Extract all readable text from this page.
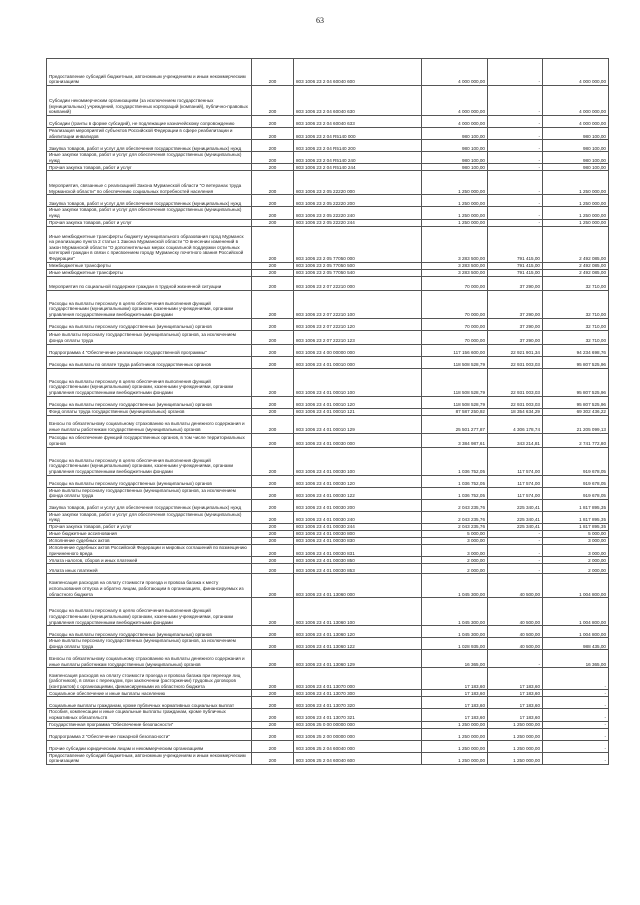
63
Предоставление субсидий бюджетным, автономным учреждениям и иным некоммерческим организациям	200	803 1006 23 2 04 60040 600	4 000 000,00	-	4 000 000,00
Субсидии некоммерческим организациям (за исключением государственных (муниципальных) учреждений, государственных корпораций (компаний), публично-правовых компаний)	200	803 1006 23 2 04 60040 630	4 000 000,00	-	4 000 000,00
Субсидии (гранты в форме субсидий), не подлежащие казначейскому сопровождению	200	803 1006 23 2 04 60040 633	4 000 000,00	-	4 000 000,00
Реализация мероприятий субъектов Российской Федерации в сфере реабилитации и абилитации инвалидов	200	803 1006 23 2 04 R5140 000	980 100,00	-	980 100,00
Закупка товаров, работ и услуг для обеспечения государственных (муниципальных) нужд	200	803 1006 23 2 04 R5140 200	980 100,00	-	980 100,00
Иные закупки товаров, работ и услуг для обеспечения государственных (муниципальных) нужд	200	803 1006 23 2 04 R5140 240	980 100,00	-	980 100,00
Прочая закупка товаров, работ и услуг	200	803 1006 23 2 04 R5140 244	980 100,00	-	980 100,00
Мероприятия, связанные с реализацией Закона Мурманской области "О ветеранах труда Мурманской области" по обеспечению социальных потребностей населения	200	803 1006 23 2 05 22220 000	1 250 000,00	-	1 250 000,00
Закупка товаров, работ и услуг для обеспечения государственных (муниципальных) нужд	200	803 1006 23 2 05 22220 200	1 250 000,00	-	1 250 000,00
Иные закупки товаров, работ и услуг для обеспечения государственных (муниципальных) нужд	200	803 1006 23 2 05 22220 240	1 250 000,00	-	1 250 000,00
Прочая закупка товаров, работ и услуг	200	803 1006 23 2 05 22220 244	1 250 000,00	-	1 250 000,00
Иные межбюджетные трансферты бюджету муниципального образования город Мурманск на реализацию пункта 2 статьи 1 Закона Мурманской области "О внесении изменений в закон Мурманской области "О дополнительных мерах социальной поддержки отдельных категорий граждан в связи с присвоением городу Мурманску почетного звания Российской Федерации"	200	803 1006 23 2 05 77050 000	3 283 500,00	791 415,00	2 492 085,00
Межбюджетные трансферты	200	803 1006 23 2 05 77050 500	3 283 500,00	791 415,00	2 492 085,00
Иные межбюджетные трансферты	200	803 1006 23 2 05 77050 540	3 283 500,00	791 415,00	2 492 085,00
Мероприятия по социальной поддержке граждан в трудной жизненной ситуации	200	803 1006 23 2 07 22210 000	70 000,00	37 290,00	32 710,00
Расходы на выплаты персоналу в целях обеспечения выполнения функций государственными (муниципальными) органами, казенными учреждениями, органами управления государственными внебюджетными фондами	200	803 1006 23 2 07 22210 100	70 000,00	37 290,00	32 710,00
Расходы на выплаты персоналу государственных (муниципальных) органов	200	803 1006 23 2 07 22210 120	70 000,00	37 290,00	32 710,00
Иные выплаты персоналу государственных (муниципальных) органов, за исключением фонда оплаты труда	200	803 1006 23 2 07 22210 123	70 000,00	37 290,00	32 710,00
Подпрограмма 4 "Обеспечение реализации государственной программы"	200	803 1006 23 4 00 00000 000	117 156 600,00	22 921 901,34	94 234 698,76
Расходы на выплаты по оплате труда работников государственных органов	200	803 1006 23 4 01 00010 000	118 508 528,79	22 931 003,03	95 807 525,96
Расходы на выплаты персоналу в целях обеспечения выполнения функций государственными (муниципальными) органами, казенными учреждениями, органами управления государственными внебюджетными фондами	200	803 1006 23 4 01 00010 100	118 508 528,79	22 931 003,03	95 807 525,96
Расходы на выплаты персоналу государственных (муниципальных) органов	200	803 1006 23 4 01 00010 120	118 508 528,79	22 931 003,03	95 807 525,96
Фонд оплаты труда государственных (муниципальных) органов	200	803 1006 23 4 01 00010 121	87 587 250,92	18 354 634,29	69 302 436,22
Взносы по обязательному социальному страхованию на выплаты денежного содержания и иные выплаты работникам государственных (муниципальных) органов	200	803 1006 23 4 01 00010 129	25 501 277,87	4 306 178,74	21 205 099,13
Расходы на обеспечение функций государственных органов, в том числе территориальных органов	200	803 1006 23 4 01 00030 000	3 384 987,61	343 214,81	2 741 772,80
Расходы на выплаты персоналу в целях обеспечения выполнения функций государственными (муниципальными) органами, казенными учреждениями, органами управления государственными внебюджетными фондами	200	803 1006 23 4 01 00030 100	1 036 752,05	117 574,00	919 678,05
Расходы на выплаты персоналу государственных (муниципальных) органов	200	803 1006 23 4 01 00030 120	1 036 752,05	117 574,00	919 678,05
Иные выплаты персоналу государственных (муниципальных) органов, за исключением фонда оплаты труда	200	803 1006 23 4 01 00030 122	1 036 752,05	117 574,00	919 678,05
Закупка товаров, работ и услуг для обеспечения государственных (муниципальных) нужд	200	803 1006 23 4 01 00030 200	2 043 235,76	225 340,41	1 817 895,35
Иные закупки товаров, работ и услуг для обеспечения государственных (муниципальных) нужд	200	803 1006 23 4 01 00030 240	2 043 235,76	225 340,41	1 817 895,35
Прочая закупка товаров, работ и услуг	200	803 1006 23 4 01 00030 244	2 043 235,76	225 340,41	1 817 895,35
Иные бюджетные ассигнования	200	803 1006 23 4 01 00030 800	5 000,00	-	5 000,00
Исполнение судебных актов	200	803 1006 23 4 01 00030 830	3 000,00	-	3 000,00
Исполнение судебных актов Российской Федерации и мировых соглашений по возмещению причиненного вреда	200	803 1006 23 4 01 00030 831	3 000,00	-	3 000,00
Уплата налогов, сборов и иных платежей	200	803 1006 23 4 01 00030 850	2 000,00	-	2 000,00
Уплата иных платежей	200	803 1006 23 4 01 00030 853	2 000,00	-	2 000,00
Компенсация расходов на оплату стоимости проезда и провоза багажа к месту использования отпуска и обратно лицам, работающим в организациях, финансируемых из областного бюджета	200	803 1006 23 4 01 13060 000	1 045 300,00	40 500,00	1 004 800,00
Расходы на выплаты персоналу в целях обеспечения выполнения функций государственными (муниципальными) органами, казенными учреждениями, органами управления государственными внебюджетными фондами	200	803 1006 23 4 01 13060 100	1 045 300,00	40 500,00	1 004 800,00
Расходы на выплаты персоналу государственных (муниципальных) органов	200	803 1006 23 4 01 13060 120	1 045 300,00	40 500,00	1 004 800,00
Иные выплаты персоналу государственных (муниципальных) органов, за исключением фонда оплаты труда	200	803 1006 23 4 01 13060 122	1 028 935,00	40 500,00	988 435,00
Взносы по обязательному социальному страхованию на выплаты денежного содержания и иные выплаты работникам государственных (муниципальных) органов	200	803 1006 23 4 01 13060 129	16 365,00	-	16 365,00
Компенсация расходов на оплату стоимости проезда и провоза багажа при переезде лиц (работников), в связи с переездом, при заключении (расторжении) трудовых договоров (контрактов) с организациями, финансируемыми из областного бюджета	200	803 1006 23 4 01 13070 000	17 183,60	17 183,60	-
Социальное обеспечение и иные выплаты населению	200	803 1006 23 4 01 13070 300	17 183,60	17 183,60	-
Социальные выплаты гражданам, кроме публичных нормативных социальных выплат	200	803 1006 23 4 01 13070 320	17 183,60	17 183,60	-
Пособия, компенсации и иные социальные выплаты гражданам, кроме публичных нормативных обязательств	200	803 1006 23 4 01 13070 321	17 183,60	17 183,60	-
Государственная программа "Обеспечение безопасности"	200	803 1006 25 0 00 00000 000	1 250 000,00	1 250 000,00	-
Подпрограмма 2 "Обеспечение пожарной безопасности"	200	803 1006 25 2 00 00000 000	1 250 000,00	1 250 000,00	-
Прочие субсидии юридическим лицам и некоммерческим организациям	200	803 1006 25 2 04 60040 000	1 250 000,00	1 250 000,00	-
Предоставление субсидий бюджетным, автономным учреждениям и иным некоммерческим организациям	200	803 1006 25 2 04 60040 600	1 250 000,00	1 250 000,00	-
